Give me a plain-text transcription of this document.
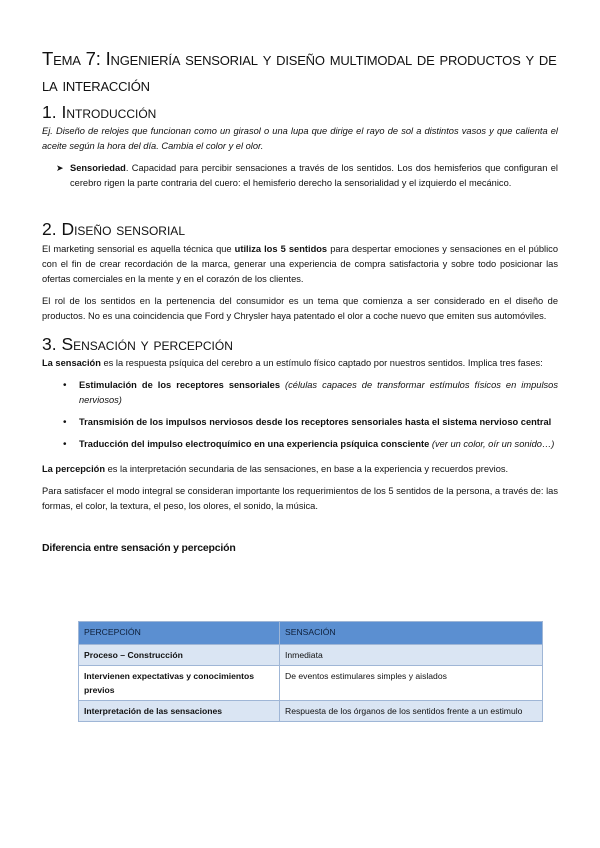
Tema 7: Ingeniería sensorial y diseño multimodal de productos y de la interacción
1. Introducción

Ej. Diseño de relojes que funcionan como un girasol o una lupa que dirige el rayo de sol a distintos vasos y que calienta el aceite según la hora del día. Cambia el color y el olor.

➤ Sensoriedad. Capacidad para percibir sensaciones a través de los sentidos. Los dos hemisferios que configuran el cerebro rigen la parte contraria del cuero: el hemisferio derecho la sensorialidad y el izquierdo el mecánico.
2. Diseño sensorial

El marketing sensorial es aquella técnica que utiliza los 5 sentidos para despertar emociones y sensaciones en el público con el fin de crear recordación de la marca, generar una experiencia de compra satisfactoria y sobre todo posicionar las ofertas comerciales en la mente y en el corazón de los clientes.

El rol de los sentidos en la pertenencia del consumidor es un tema que comienza a ser considerado en el diseño de productos. No es una coincidencia que Ford y Chrysler haya patentado el olor a coche nuevo que emiten sus automóviles.

3. Sensación y percepción

La sensación es la respuesta psíquica del cerebro a un estímulo físico captado por nuestros sentidos. Implica tres fases:

•	Estimulación de los receptores sensoriales (células capaces de transformar estímulos físicos en impulsos nerviosos)
•	Transmisión de los impulsos nerviosos desde los receptores sensoriales hasta el sistema nervioso central
•	Traducción del impulso electroquímico en una experiencia psíquica consciente (ver un color, oír un sonido…)

La percepción es la interpretación secundaria de las sensaciones, en base a la experiencia y recuerdos previos.

Para satisfacer el modo integral se consideran importante los requerimientos de los 5 sentidos de la persona, a través de: las formas, el color, la textura, el peso, los olores, el sonido, la música.

Diferencia entre sensación y percepción
PERCEPCIÓN	SENSACIÓN
Proceso – Construcción	Inmediata
Intervienen expectativas y conocimientos previos	De eventos estimulares simples y aislados
Interpretación de las sensaciones	Respuesta de los órganos de los sentidos frente a un estimulo
